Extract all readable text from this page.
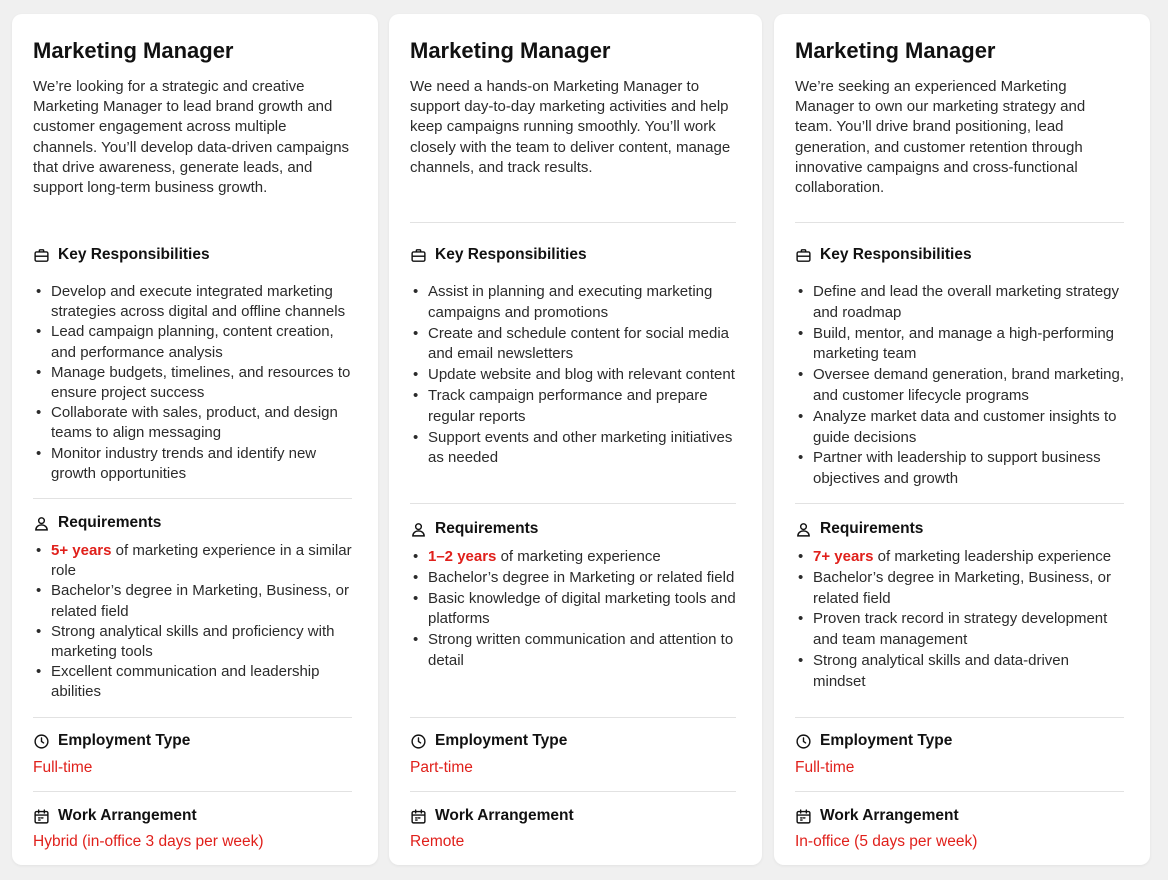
Marketing Manager

We’re looking for a strategic and creative Marketing Manager to lead brand growth and customer engagement across multiple channels. You’ll develop data-driven campaigns that drive awareness, generate leads, and support long-term business growth.

Key Responsibilities
• Develop and execute integrated marketing strategies across digital and offline channels
• Lead campaign planning, content creation, and performance analysis
• Manage budgets, timelines, and resources to ensure project success
• Collaborate with sales, product, and design teams to align messaging
• Monitor industry trends and identify new growth opportunities
Requirements
• 5+ years of marketing experience in a similar role
• Bachelor’s degree in Marketing, Business, or related field
• Strong analytical skills and proficiency with marketing tools
• Excellent communication and leadership abilities
Employment Type
Full-time
Work Arrangement
Hybrid (in-office 3 days per week)
Marketing Manager

We need a hands-on Marketing Manager to support day-to-day marketing activities and help keep campaigns running smoothly. You’ll work closely with the team to deliver content, manage channels, and track results.

Key Responsibilities
• Assist in planning and executing marketing campaigns and promotions
• Create and schedule content for social media and email newsletters
• Update website and blog with relevant content
• Track campaign performance and prepare regular reports
• Support events and other marketing initiatives as needed
Requirements
• 1–2 years of marketing experience
• Bachelor’s degree in Marketing or related field
• Basic knowledge of digital marketing tools and platforms
• Strong written communication and attention to detail
Employment Type
Part-time
Work Arrangement
Remote
Marketing Manager

We’re seeking an experienced Marketing Manager to own our marketing strategy and team. You’ll drive brand positioning, lead generation, and customer retention through innovative campaigns and cross-functional collaboration.

Key Responsibilities
• Define and lead the overall marketing strategy and roadmap
• Build, mentor, and manage a high-performing marketing team
• Oversee demand generation, brand marketing, and customer lifecycle programs
• Analyze market data and customer insights to guide decisions
• Partner with leadership to support business objectives and growth
Requirements
• 7+ years of marketing leadership experience
• Bachelor’s degree in Marketing, Business, or related field
• Proven track record in strategy development and team management
• Strong analytical skills and data-driven mindset
Employment Type
Full-time
Work Arrangement
In-office (5 days per week)
